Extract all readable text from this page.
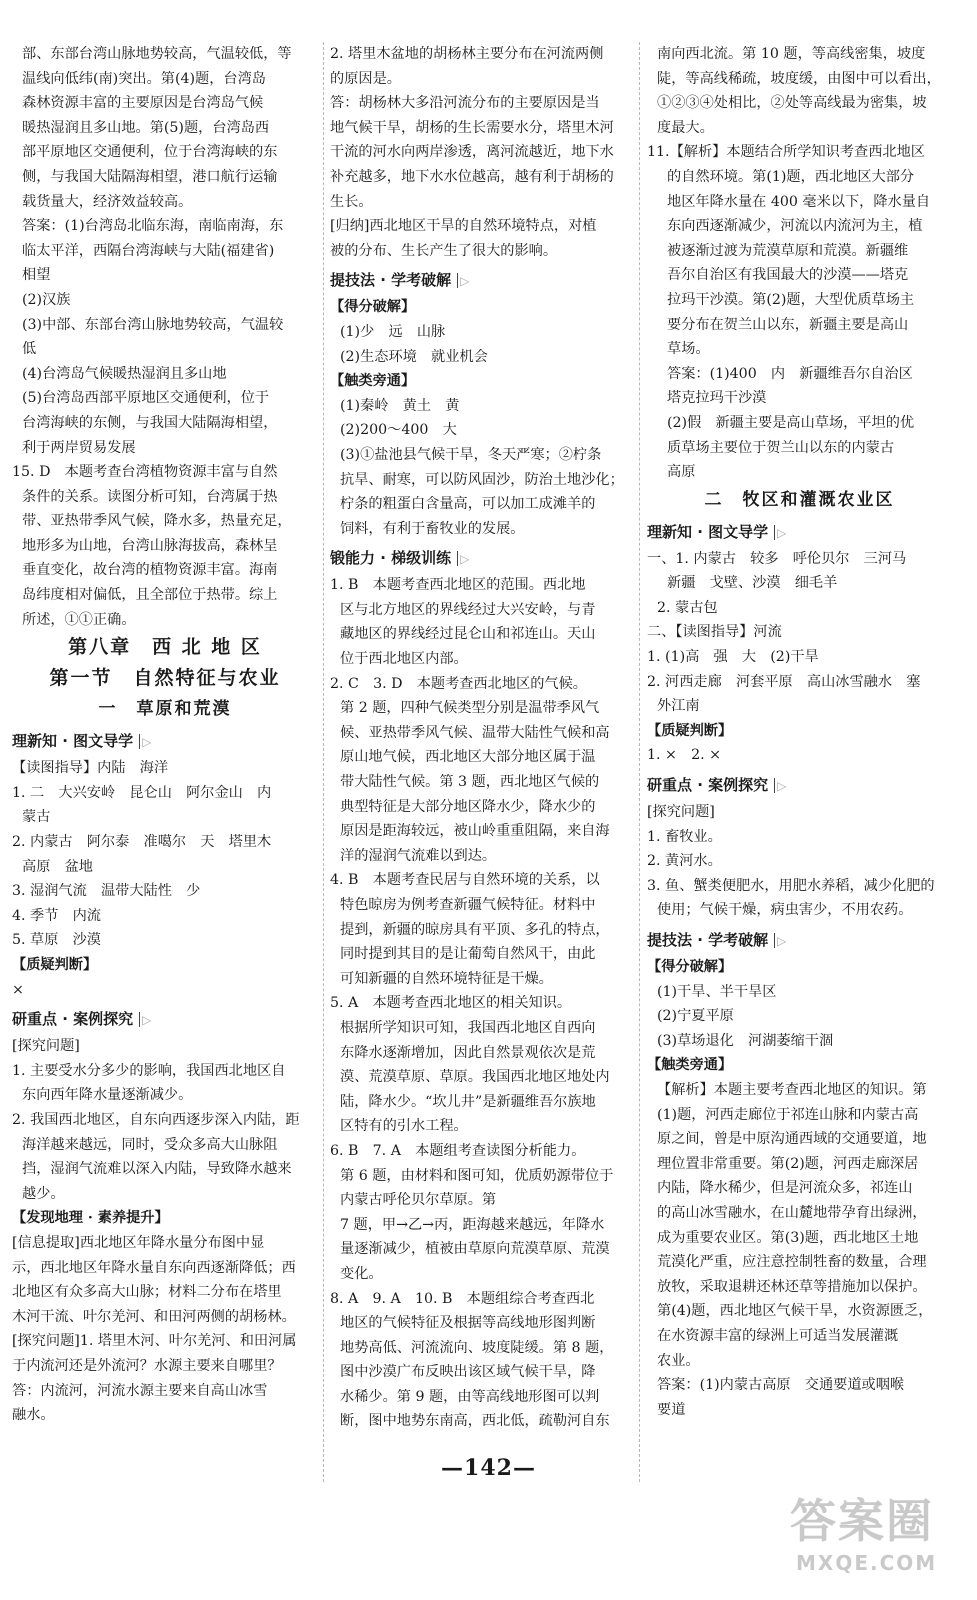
部、东部台湾山脉地势较高，气温较低，等
温线向低纬(南)突出。第(4)题，台湾岛
森林资源丰富的主要原因是台湾岛气候
暖热湿润且多山地。第(5)题，台湾岛西
部平原地区交通便利，位于台湾海峡的东
侧，与我国大陆隔海相望，港口航行运输
载货量大，经济效益较高。
答案：(1)台湾岛北临东海，南临南海，东
临太平洋，西隔台湾海峡与大陆(福建省)
相望
(2)汉族
(3)中部、东部台湾山脉地势较高，气温较
低
(4)台湾岛气候暖热湿润且多山地
(5)台湾岛西部平原地区交通便利，位于
台湾海峡的东侧，与我国大陆隔海相望，
利于两岸贸易发展
15. D　本题考查台湾植物资源丰富与自然
条件的关系。读图分析可知，台湾属于热
带、亚热带季风气候，降水多，热量充足，
地形多为山地，台湾山脉海拔高，森林呈
垂直变化，故台湾的植物资源丰富。海南
岛纬度相对偏低，且全部位于热带。综上
所述，①①正确。
第八章　西 北 地 区
第一节　自然特征与农业
一　草原和荒漠
理新知 · 图文导学 ▷
【读图指导】内陆　海洋
1. 二　大兴安岭　昆仑山　阿尔金山　内
蒙古
2. 内蒙古　阿尔泰　准噶尔　天　塔里木
高原　盆地
3. 湿润气流　温带大陆性　少
4. 季节　内流
5. 草原　沙漠
【质疑判断】
×
研重点 · 案例探究 ▷
[探究问题]
1. 主要受水分多少的影响，我国西北地区自
东向西年降水量逐渐减少。
2. 我国西北地区，自东向西逐步深入内陆，距
海洋越来越远，同时，受众多高大山脉阻
挡，湿润气流难以深入内陆，导致降水越来
越少。
【发现地理 · 素养提升】
[信息提取]西北地区年降水量分布图中显
示，西北地区年降水量自东向西逐渐降低；西
北地区有众多高大山脉；材料二分布在塔里
木河干流、叶尔羌河、和田河两侧的胡杨林。
[探究问题]1. 塔里木河、叶尔羌河、和田河属
于内流河还是外流河？水源主要来自哪里？
答：内流河，河流水源主要来自高山冰雪
融水。
2. 塔里木盆地的胡杨林主要分布在河流两侧
的原因是。
答：胡杨林大多沿河流分布的主要原因是当
地气候干旱，胡杨的生长需要水分，塔里木河
干流的河水向两岸渗透，离河流越近，地下水
补充越多，地下水水位越高，越有利于胡杨的
生长。
[归纳]西北地区干旱的自然环境特点，对植
被的分布、生长产生了很大的影响。
提技法 · 学考破解 ▷
【得分破解】
(1)少　远　山脉
(2)生态环境　就业机会
【触类旁通】
(1)秦岭　黄土　黄
(2)200～400　大
(3)①盐池县气候干旱，冬天严寒；②柠条
抗旱、耐寒，可以防风固沙，防治土地沙化；
柠条的粗蛋白含量高，可以加工成滩羊的
饲料，有利于畜牧业的发展。
锻能力 · 梯级训练 ▷
1. B　本题考查西北地区的范围。西北地
区与北方地区的界线经过大兴安岭，与青
藏地区的界线经过昆仑山和祁连山。天山
位于西北地区内部。
2. C　3. D　本题考查西北地区的气候。
第 2 题，四种气候类型分别是温带季风气
候、亚热带季风气候、温带大陆性气候和高
原山地气候，西北地区大部分地区属于温
带大陆性气候。第 3 题，西北地区气候的
典型特征是大部分地区降水少，降水少的
原因是距海较远，被山岭重重阻隔，来自海
洋的湿润气流难以到达。
4. B　本题考查民居与自然环境的关系，以
特色晾房为例考查新疆气候特征。材料中
提到，新疆的晾房具有平顶、多孔的特点，
同时提到其目的是让葡萄自然风干，由此
可知新疆的自然环境特征是干燥。
5. A　本题考查西北地区的相关知识。
根据所学知识可知，我国西北地区自西向
东降水逐渐增加，因此自然景观依次是荒
漠、荒漠草原、草原。我国西北地区地处内
陆，降水少。“坎儿井”是新疆维吾尔族地
区特有的引水工程。
6. B　7. A　本题组考查读图分析能力。
第 6 题，由材料和图可知，优质奶源带位于
内蒙古呼伦贝尔草原。第
7 题，甲→乙→丙，距海越来越远，年降水
量逐渐减少，植被由草原向荒漠草原、荒漠
变化。
8. A　9. A　10. B　本题组综合考查西北
地区的气候特征及根据等高线地形图判断
地势高低、河流流向、坡度陡缓。第 8 题，
图中沙漠广布反映出该区域气候干旱，降
水稀少。第 9 题，由等高线地形图可以判
断，图中地势东南高，西北低，疏勒河自东
南向西北流。第 10 题，等高线密集，坡度
陡，等高线稀疏，坡度缓，由图中可以看出，
①②③④处相比，②处等高线最为密集，坡
度最大。
11.【解析】本题结合所学知识考查西北地区
的自然环境。第(1)题，西北地区大部分
地区年降水量在 400 毫米以下，降水量自
东向西逐渐减少，河流以内流河为主，植
被逐渐过渡为荒漠草原和荒漠。新疆维
吾尔自治区有我国最大的沙漠——塔克
拉玛干沙漠。第(2)题，大型优质草场主
要分布在贺兰山以东，新疆主要是高山
草场。
答案：(1)400　内　新疆维吾尔自治区
塔克拉玛干沙漠
(2)假　新疆主要是高山草场，平坦的优
质草场主要位于贺兰山以东的内蒙古
高原
二　牧区和灌溉农业区
理新知 · 图文导学 ▷
一、1. 内蒙古　较多　呼伦贝尔　三河马
新疆　戈壁、沙漠　细毛羊
2. 蒙古包
二、【读图指导】河流
1. (1)高　强　大　(2)干旱
2. 河西走廊　河套平原　高山冰雪融水　塞
外江南
【质疑判断】
1. ×　2. ×
研重点 · 案例探究 ▷
[探究问题]
1. 畜牧业。
2. 黄河水。
3. 鱼、蟹类便肥水，用肥水养稻，减少化肥的
使用；气候干燥，病虫害少，不用农药。
提技法 · 学考破解 ▷
【得分破解】
(1)干旱、半干旱区
(2)宁夏平原
(3)草场退化　河湖萎缩干涸
【触类旁通】
【解析】本题主要考查西北地区的知识。第
(1)题，河西走廊位于祁连山脉和内蒙古高
原之间，曾是中原沟通西域的交通要道，地
理位置非常重要。第(2)题，河西走廊深居
内陆，降水稀少，但是河流众多，祁连山
的高山冰雪融水，在山麓地带孕育出绿洲，
成为重要农业区。第(3)题，西北地区土地
荒漠化严重，应注意控制牲畜的数量，合理
放牧，采取退耕还林还草等措施加以保护。
第(4)题，西北地区气候干旱，水资源匮乏，
在水资源丰富的绿洲上可适当发展灌溉
农业。
答案：(1)内蒙古高原　交通要道或咽喉
要道
—142—
答案圈
MXQE.COM
